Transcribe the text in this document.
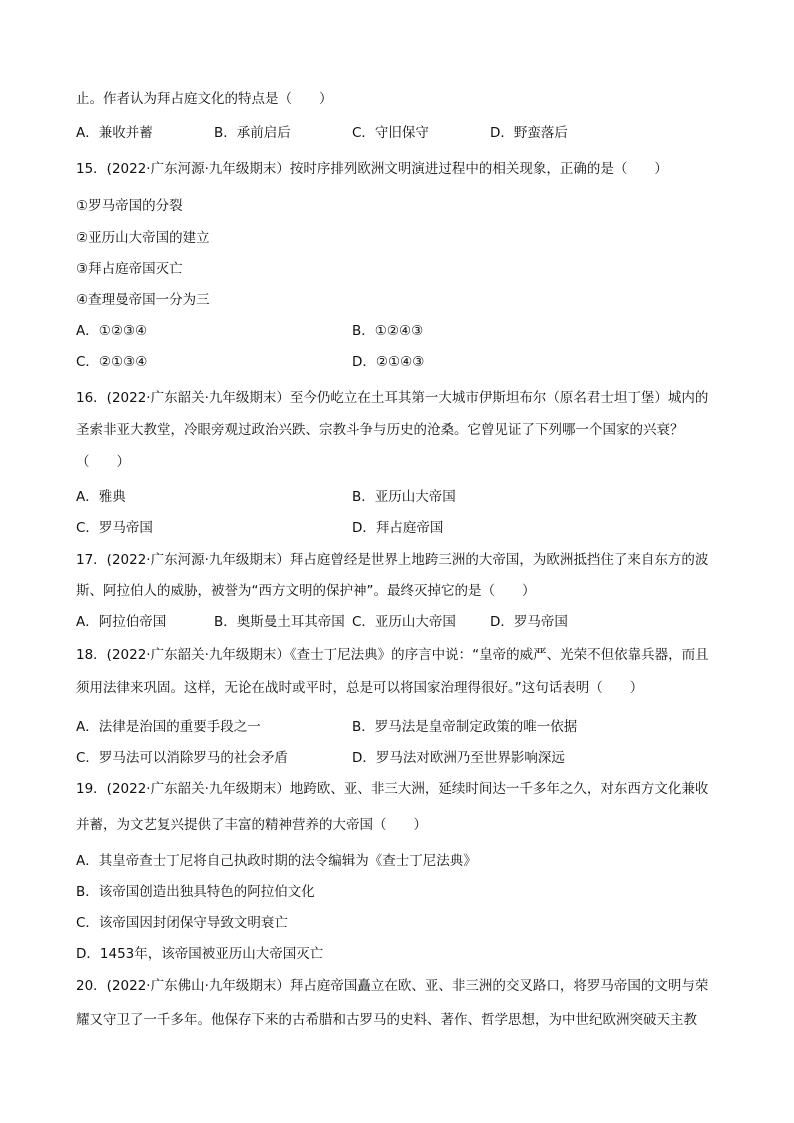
止。作者认为拜占庭文化的特点是（　　）
A．兼收并蓄	B．承前启后	C．守旧保守	D．野蛮落后
15．(2022·广东河源·九年级期末）按时序排列欧洲文明演进过程中的相关现象，正确的是（　　）
①罗马帝国的分裂
②亚历山大帝国的建立
③拜占庭帝国灭亡
④查理曼帝国一分为三
A．①②③④	B．①②④③
C．②①③④	D．②①④③
16．(2022·广东韶关·九年级期末）至今仍屹立在土耳其第一大城市伊斯坦布尔（原名君士坦丁堡）城内的
圣索非亚大教堂，冷眼旁观过政治兴跌、宗教斗争与历史的沧桑。它曾见证了下列哪一个国家的兴衰？
（　　）
A．雅典	B．亚历山大帝国
C．罗马帝国	D．拜占庭帝国
17．(2022·广东河源·九年级期末）拜占庭曾经是世界上地跨三洲的大帝国，为欧洲抵挡住了来自东方的波
斯、阿拉伯人的威胁，被誉为“西方文明的保护神”。最终灭掉它的是（　　）
A．阿拉伯帝国	B．奥斯曼土耳其帝国 C．亚历山大帝国	D．罗马帝国
18．(2022·广东韶关·九年级期末）《查士丁尼法典》的序言中说：“皇帝的威严、光荣不但依靠兵器，而且
须用法律来巩固。这样，无论在战时或平时，总是可以将国家治理得很好。”这句话表明（　　）
A．法律是治国的重要手段之一	B．罗马法是皇帝制定政策的唯一依据
C．罗马法可以消除罗马的社会矛盾	D．罗马法对欧洲乃至世界影响深远
19．(2022·广东韶关·九年级期末）地跨欧、亚、非三大洲，延续时间达一千多年之久，对东西方文化兼收
并蓄，为文艺复兴提供了丰富的精神营养的大帝国（　　）
A．其皇帝查士丁尼将自己执政时期的法令编辑为《查士丁尼法典》
B．该帝国创造出独具特色的阿拉伯文化
C．该帝国因封闭保守导致文明衰亡
D．1453年，该帝国被亚历山大帝国灭亡
20．(2022·广东佛山·九年级期末）拜占庭帝国矗立在欧、亚、非三洲的交叉路口，将罗马帝国的文明与荣
耀又守卫了一千多年。他保存下来的古希腊和古罗马的史料、著作、哲学思想，为中世纪欧洲突破天主教
